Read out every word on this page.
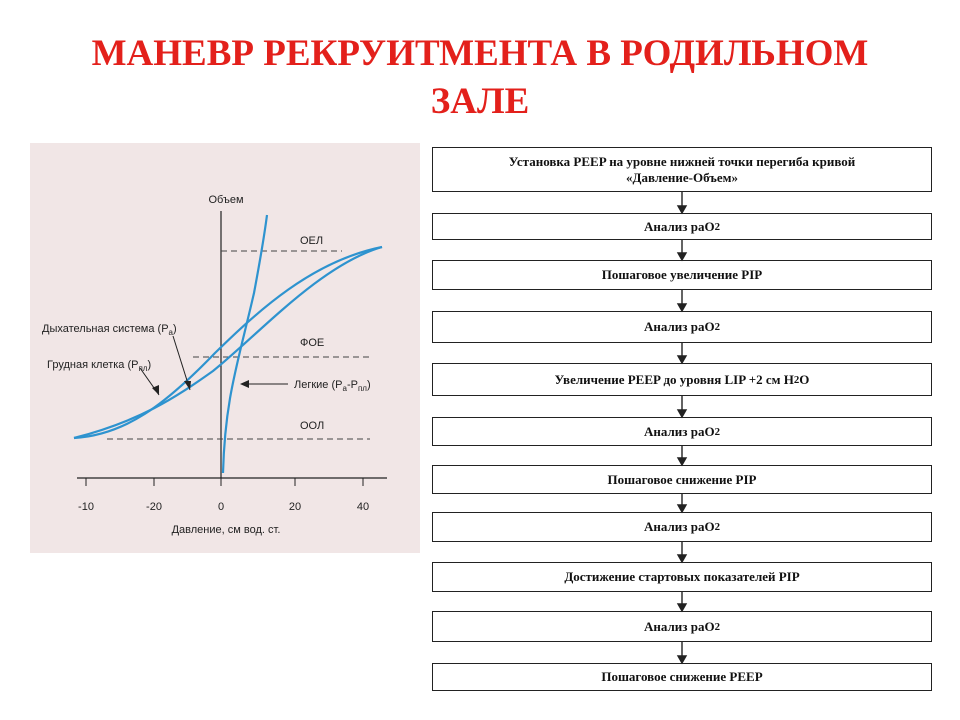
МАНЕВР РЕКРУИТМЕНТА В РОДИЛЬНОМ
ЗАЛЕ
-10	-20	0	20	40
Объем
Давление, см вод. ст.
ОЕЛ
ФОЕ
ООЛ
Дыхательная система $(P_a)$
Грудная клетка $(P_{пл})$
Легкие $(P_a-P_{пл})$
Установка PEEP на уровне нижней точки перегиба кривой
«Давление-Объем»
Анализ paO 2
Пошаговое увеличение PIP
Анализ paO 2
Увеличение PEEP до уровня LIP +2 см H 2 O
Анализ paO 2
Пошаговое снижение PIP
Анализ paO 2
Достижение стартовых показателей PIP
Анализ paO 2
Пошаговое снижение PEEP
